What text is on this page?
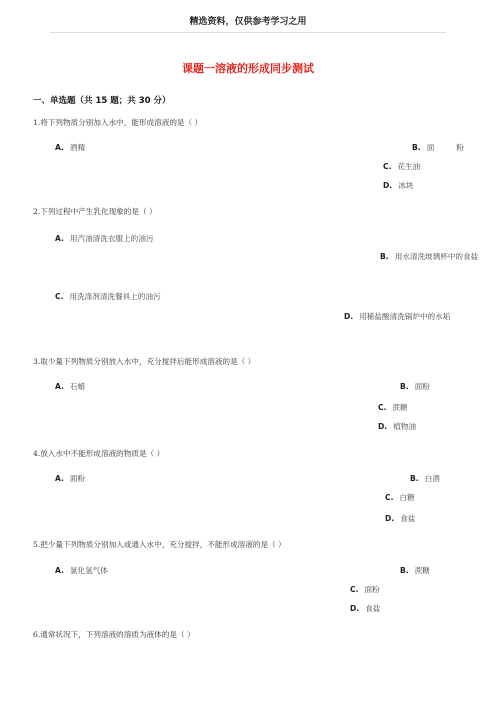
精选资料，仅供参考学习之用
课题一溶液的形成同步测试
一、单选题（共 15 题；共 30 分）
1.将下列物质分别加入水中，能形成溶液的是（ ）
A. 酒精	B. 面粉
C. 花生油
D. 冰块
2.下列过程中产生乳化现象的是（ ）
A. 用汽油清洗衣服上的油污
B. 用水清洗玻璃杯中的食盐
C. 用洗涤剂清洗餐具上的油污
D. 用稀盐酸清洗锅炉中的水垢
3.取少量下列物质分别放入水中，充分搅拌后能形成溶液的是（ ）
A. 石蜡	B. 面粉
C. 蔗糖
D. 植物油
4.放入水中不能形成溶液的物质是（ ）
A. 面粉	B. 白酒
C. 白糖
D. 食盐
5.把少量下列物质分别加入或通入水中，充分搅拌，不能形成溶液的是（ ）
A. 氯化氢气体	B. 蔗糖
C. 面粉
D. 食盐
6.通常状况下，下列溶液的溶质为液体的是（ ）
